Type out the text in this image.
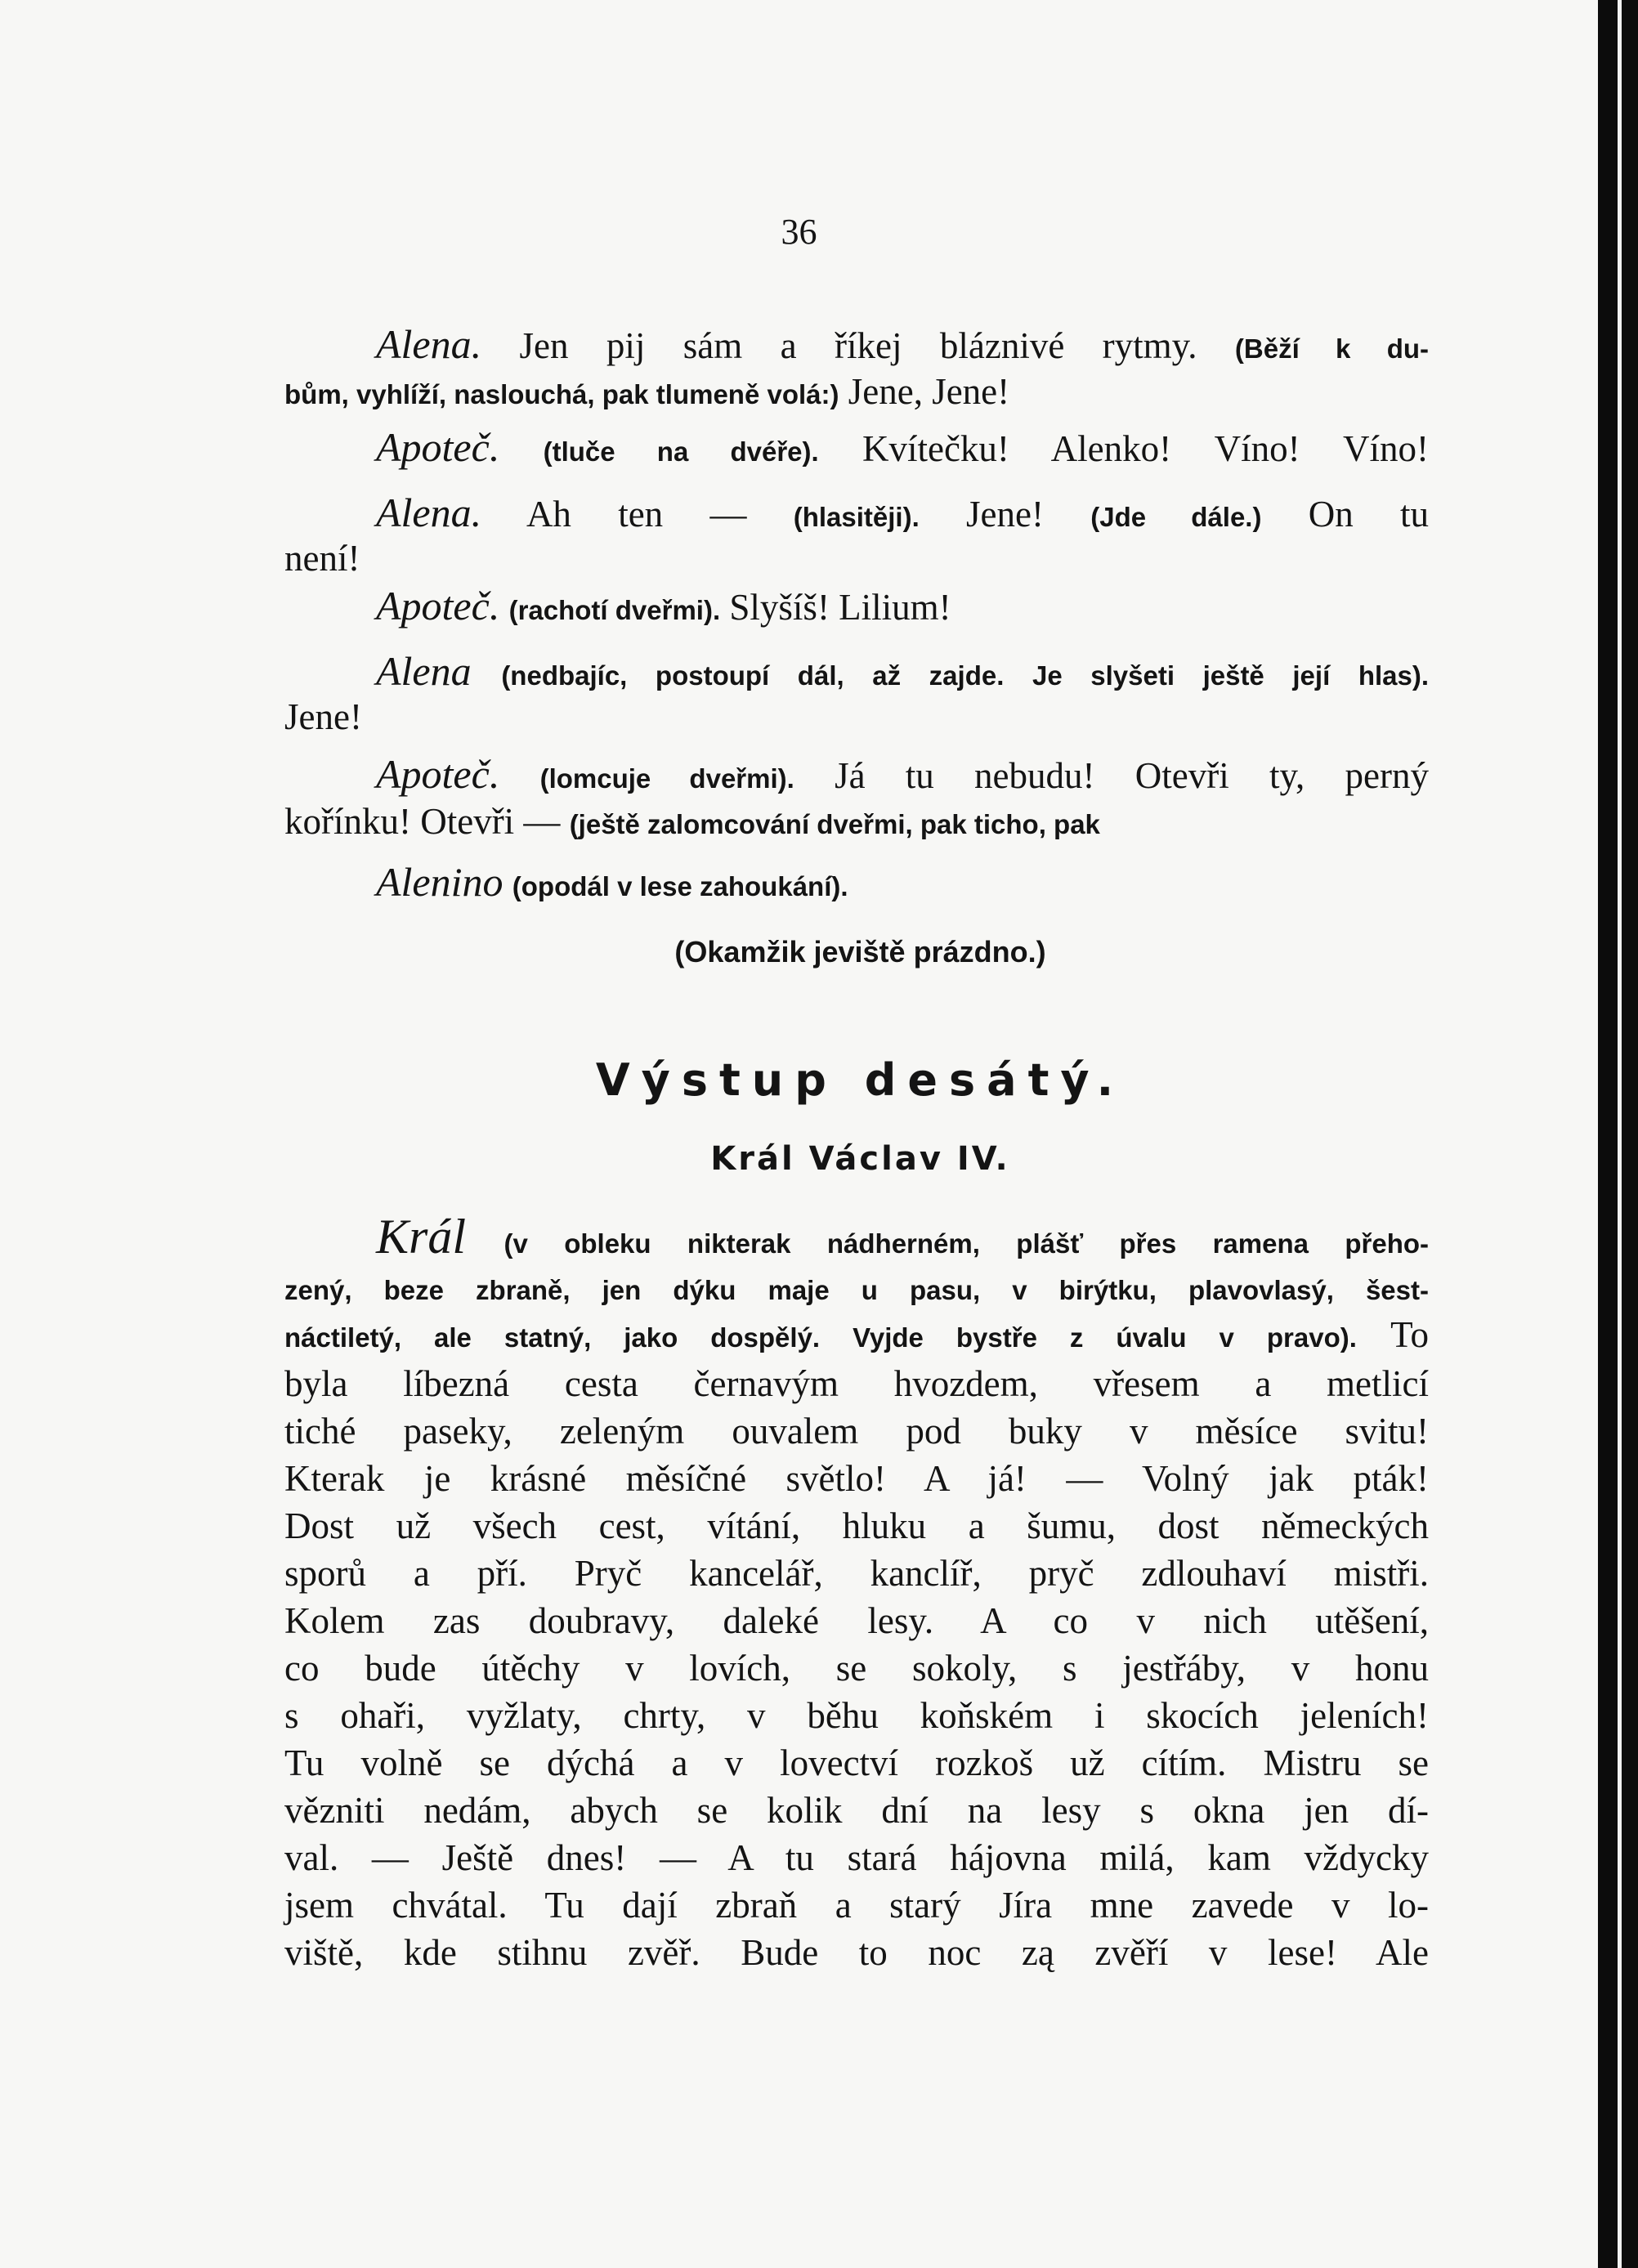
36
Alena. Jen pij sám a říkej bláznivé rytmy. (Běží k du-
bům, vyhlíží, naslouchá, pak tlumeně volá:) Jene, Jene!
Apoteč. (tluče na dvéře). Kvítečku! Alenko! Víno! Víno!
Alena. Ah ten — (hlasitěji). Jene! (Jde dále.) On tu
není!
Apoteč. (rachotí dveřmi). Slyšíš! Lilium!
Alena (nedbajíc, postoupí dál, až zajde. Je slyšeti ještě její hlas).
Jene!
Apoteč. (lomcuje dveřmi). Já tu nebudu! Otevři ty, perný
kořínku! Otevři — (ještě zalomcování dveřmi, pak ticho, pak
Alenino (opodál v lese zahoukání).
(Okamžik jeviště prázdno.)
Výstup desátý.
Král Václav IV.
Král (v obleku nikterak nádherném, plášť přes ramena přeho-
zený, beze zbraně, jen dýku maje u pasu, v birýtku, plavovlasý, šest-
náctiletý, ale statný, jako dospělý. Vyjde bystře z úvalu v pravo). To
byla líbezná cesta černavým hvozdem, vřesem a metlicí
tiché paseky, zeleným ouvalem pod buky v měsíce svitu!
Kterak je krásné měsíčné světlo! A já! — Volný jak pták!
Dost už všech cest, vítání, hluku a šumu, dost německých
sporů a pří. Pryč kancelář, kanclíř, pryč zdlouhaví mistři.
Kolem zas doubravy, daleké lesy. A co v nich utěšení,
co bude útěchy v lovích, se sokoly, s jestřáby, v honu
s ohaři, vyžlaty, chrty, v běhu koňském i skocích jeleních!
Tu volně se dýchá a v lovectví rozkoš už cítím. Mistru se
vězniti nedám, abych se kolik dní na lesy s okna jen dí-
val. — Ještě dnes! — A tu stará hájovna milá, kam vždycky
jsem chvátal. Tu dají zbraň a starý Jíra mne zavede v lo-
viště, kde stihnu zvěř. Bude to noc zą zvěří v lese! Ale
